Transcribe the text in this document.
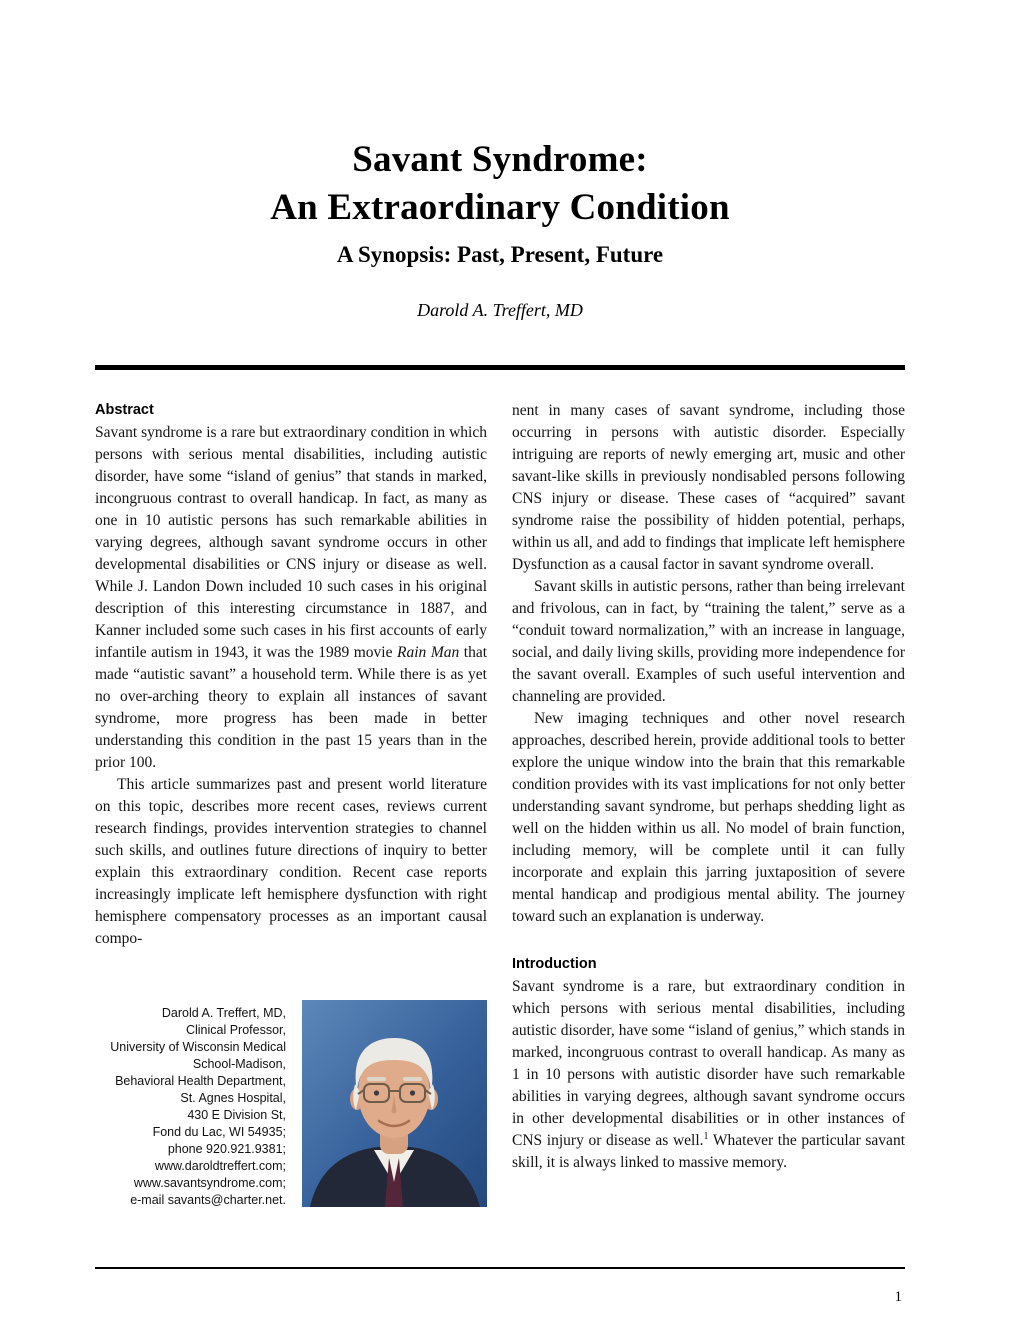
Savant Syndrome:
An Extraordinary Condition
A Synopsis: Past, Present, Future
Darold A. Treffert, MD
Abstract

Savant syndrome is a rare but extraordinary condition in which persons with serious mental disabilities, including autistic disorder, have some “island of genius” that stands in marked, incongruous contrast to overall handicap. In fact, as many as one in 10 autistic persons has such remarkable abilities in varying degrees, although savant syndrome occurs in other developmental disabilities or CNS injury or disease as well. While J. Landon Down included 10 such cases in his original description of this interesting circumstance in 1887, and Kanner included some such cases in his first accounts of early infantile autism in 1943, it was the 1989 movie Rain Man that made “autistic savant” a household term. While there is as yet no over-arching theory to explain all instances of savant syndrome, more progress has been made in better understanding this condition in the past 15 years than in the prior 100.

This article summarizes past and present world literature on this topic, describes more recent cases, reviews current research findings, provides intervention strategies to channel such skills, and outlines future directions of inquiry to better explain this extraordinary condition. Recent case reports increasingly implicate left hemisphere dysfunction with right hemisphere compensatory processes as an important causal compo-

Darold A. Treffert, MD,
Clinical Professor,
University of Wisconsin Medical
School-Madison,
Behavioral Health Department,
St. Agnes Hospital,
430 E Division St,
Fond du Lac, WI 54935;
phone 920.921.9381;
www.daroldtreffert.com;
www.savantsyndrome.com;
e-mail savants@charter.net.

nent in many cases of savant syndrome, including those occurring in persons with autistic disorder. Especially intriguing are reports of newly emerging art, music and other savant-like skills in previously nondisabled persons following CNS injury or disease. These cases of “acquired” savant syndrome raise the possibility of hidden potential, perhaps, within us all, and add to findings that implicate left hemisphere Dysfunction as a causal factor in savant syndrome overall.

Savant skills in autistic persons, rather than being irrelevant and frivolous, can in fact, by “training the talent,” serve as a “conduit toward normalization,” with an increase in language, social, and daily living skills, providing more independence for the savant overall. Examples of such useful intervention and channeling are provided.

New imaging techniques and other novel research approaches, described herein, provide additional tools to better explore the unique window into the brain that this remarkable condition provides with its vast implications for not only better understanding savant syndrome, but perhaps shedding light as well on the hidden within us all. No model of brain function, including memory, will be complete until it can fully incorporate and explain this jarring juxtaposition of severe mental handicap and prodigious mental ability. The journey toward such an explanation is underway.

Introduction

Savant syndrome is a rare, but extraordinary condition in which persons with serious mental disabilities, including autistic disorder, have some “island of genius,” which stands in marked, incongruous contrast to overall handicap. As many as 1 in 10 persons with autistic disorder have such remarkable abilities in varying degrees, although savant syndrome occurs in other developmental disabilities or in other instances of CNS injury or disease as well.$^1$ Whatever the particular savant skill, it is always linked to massive memory.

1
